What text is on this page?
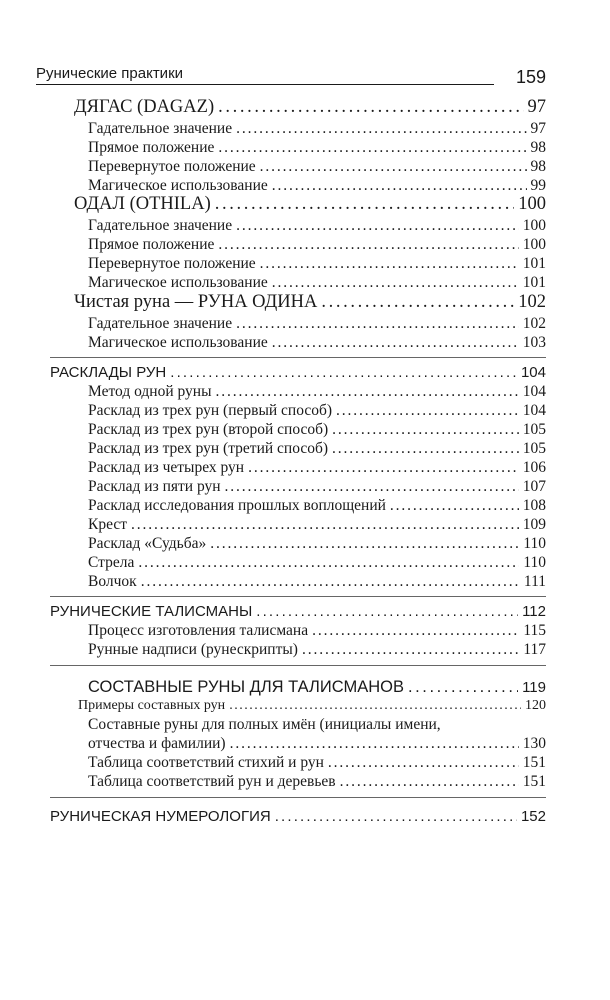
Рунические практики	159
ДЯГАС (DAGAZ) . . .	97
Гадательное значение . . .	97
Прямое положение . . .	98
Перевернутое положение . . .	98
Магическое использование . . .	99
ОДАЛ (OTHILA) . . .	100
Гадательное значение . . .	100
Прямое положение . . .	100
Перевернутое положение . . .	101
Магическое использование . . .	101
Чистая руна — РУНА ОДИНА . . .	102
Гадательное значение . . .	102
Магическое использование . . .	103
РАСКЛАДЫ РУН . . .	104
Метод одной руны . . .	104
Расклад из трех рун (первый способ) . . .	104
Расклад из трех рун (второй способ) . . .	105
Расклад из трех рун (третий способ) . . .	105
Расклад из четырех рун . . .	106
Расклад из пяти рун . . .	107
Расклад исследования прошлых воплощений . . .	108
Крест . . .	109
Расклад «Судьба» . . .	110
Стрела . . .	110
Волчок . . .	111
РУНИЧЕСКИЕ ТАЛИСМАНЫ . . .	112
Процесс изготовления талисмана . . .	115
Рунные надписи (рунескрипты) . . .	117
СОСТАВНЫЕ РУНЫ ДЛЯ ТАЛИСМАНОВ . . .	119
Примеры составных рун . . .	120
Составные руны для полных имён (инициалы имени,
отчества и фамилии) . . .	130
Таблица соответствий стихий и рун . . .	151
Таблица соответствий рун и деревьев . . .	151
РУНИЧЕСКАЯ НУМЕРОЛОГИЯ . . .	152
